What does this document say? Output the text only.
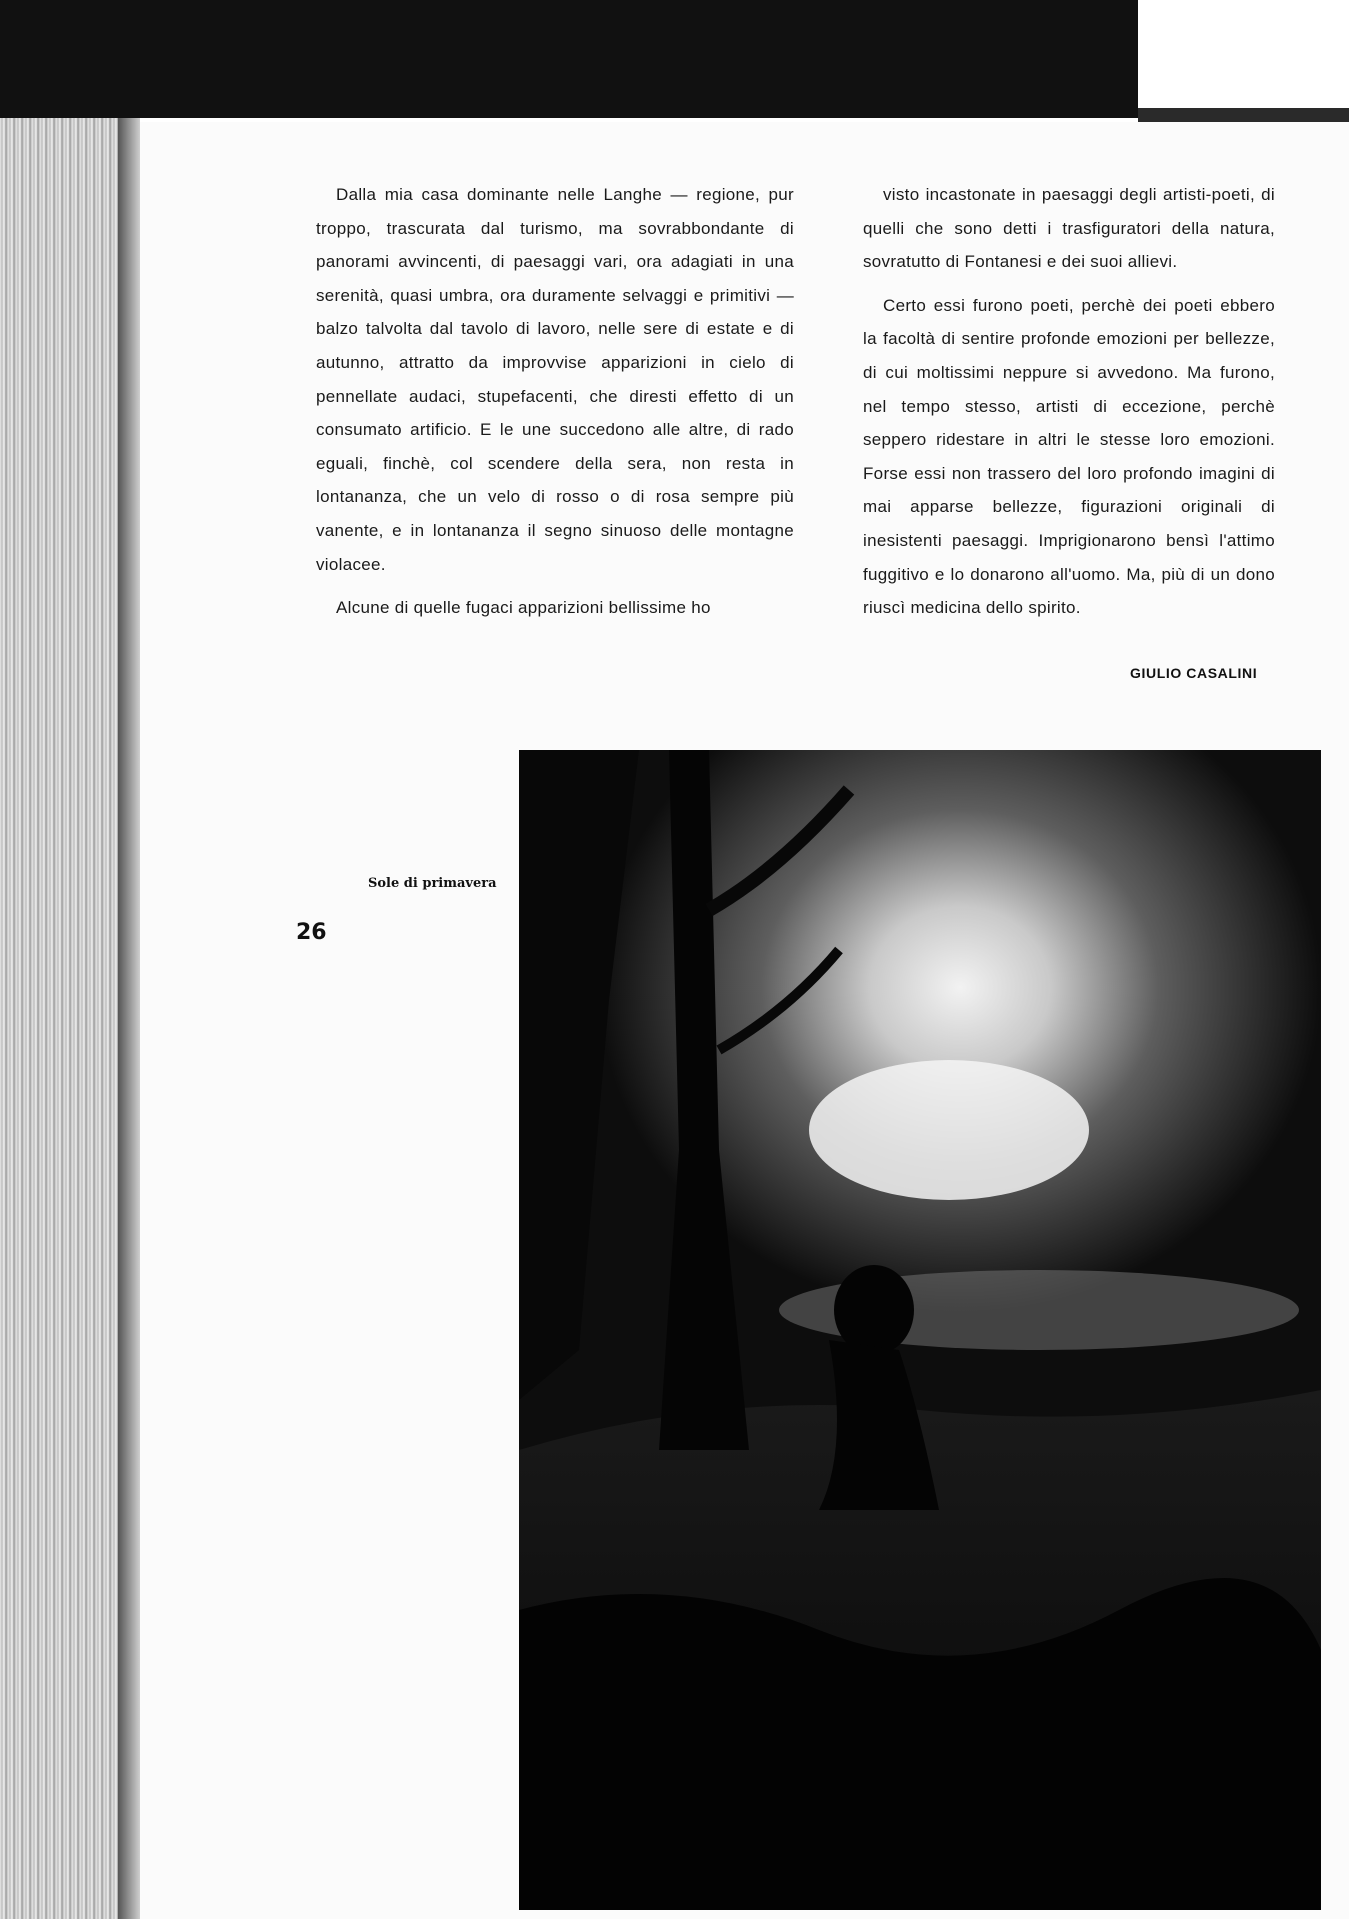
Dalla mia casa dominante nelle Langhe — regione, pur troppo, trascurata dal turismo, ma sovrabbondante di panorami avvincenti, di paesaggi vari, ora adagiati in una serenità, quasi umbra, ora duramente selvaggi e primitivi — balzo talvolta dal tavolo di lavoro, nelle sere di estate e di autunno, attratto da improvvise apparizioni in cielo di pennellate audaci, stupefacenti, che diresti effetto di un consumato artificio. E le une succedono alle altre, di rado eguali, finchè, col scendere della sera, non resta in lontananza, che un velo di rosso o di rosa sempre più vanente, e in lontananza il segno sinuoso delle montagne violacee.

Alcune di quelle fugaci apparizioni bellissime ho

visto incastonate in paesaggi degli artisti-poeti, di quelli che sono detti i trasfiguratori della natura, sovratutto di Fontanesi e dei suoi allievi.

Certo essi furono poeti, perchè dei poeti ebbero la facoltà di sentire profonde emozioni per bellezze, di cui moltissimi neppure si avvedono. Ma furono, nel tempo stesso, artisti di eccezione, perchè seppero ridestare in altri le stesse loro emozioni. Forse essi non trassero del loro profondo imagini di mai apparse bellezze, figurazioni originali di inesistenti paesaggi. Imprigionarono bensì l'attimo fuggitivo e lo donarono all'uomo. Ma, più di un dono riuscì medicina dello spirito.

GIULIO CASALINI
Sole di primavera
26
